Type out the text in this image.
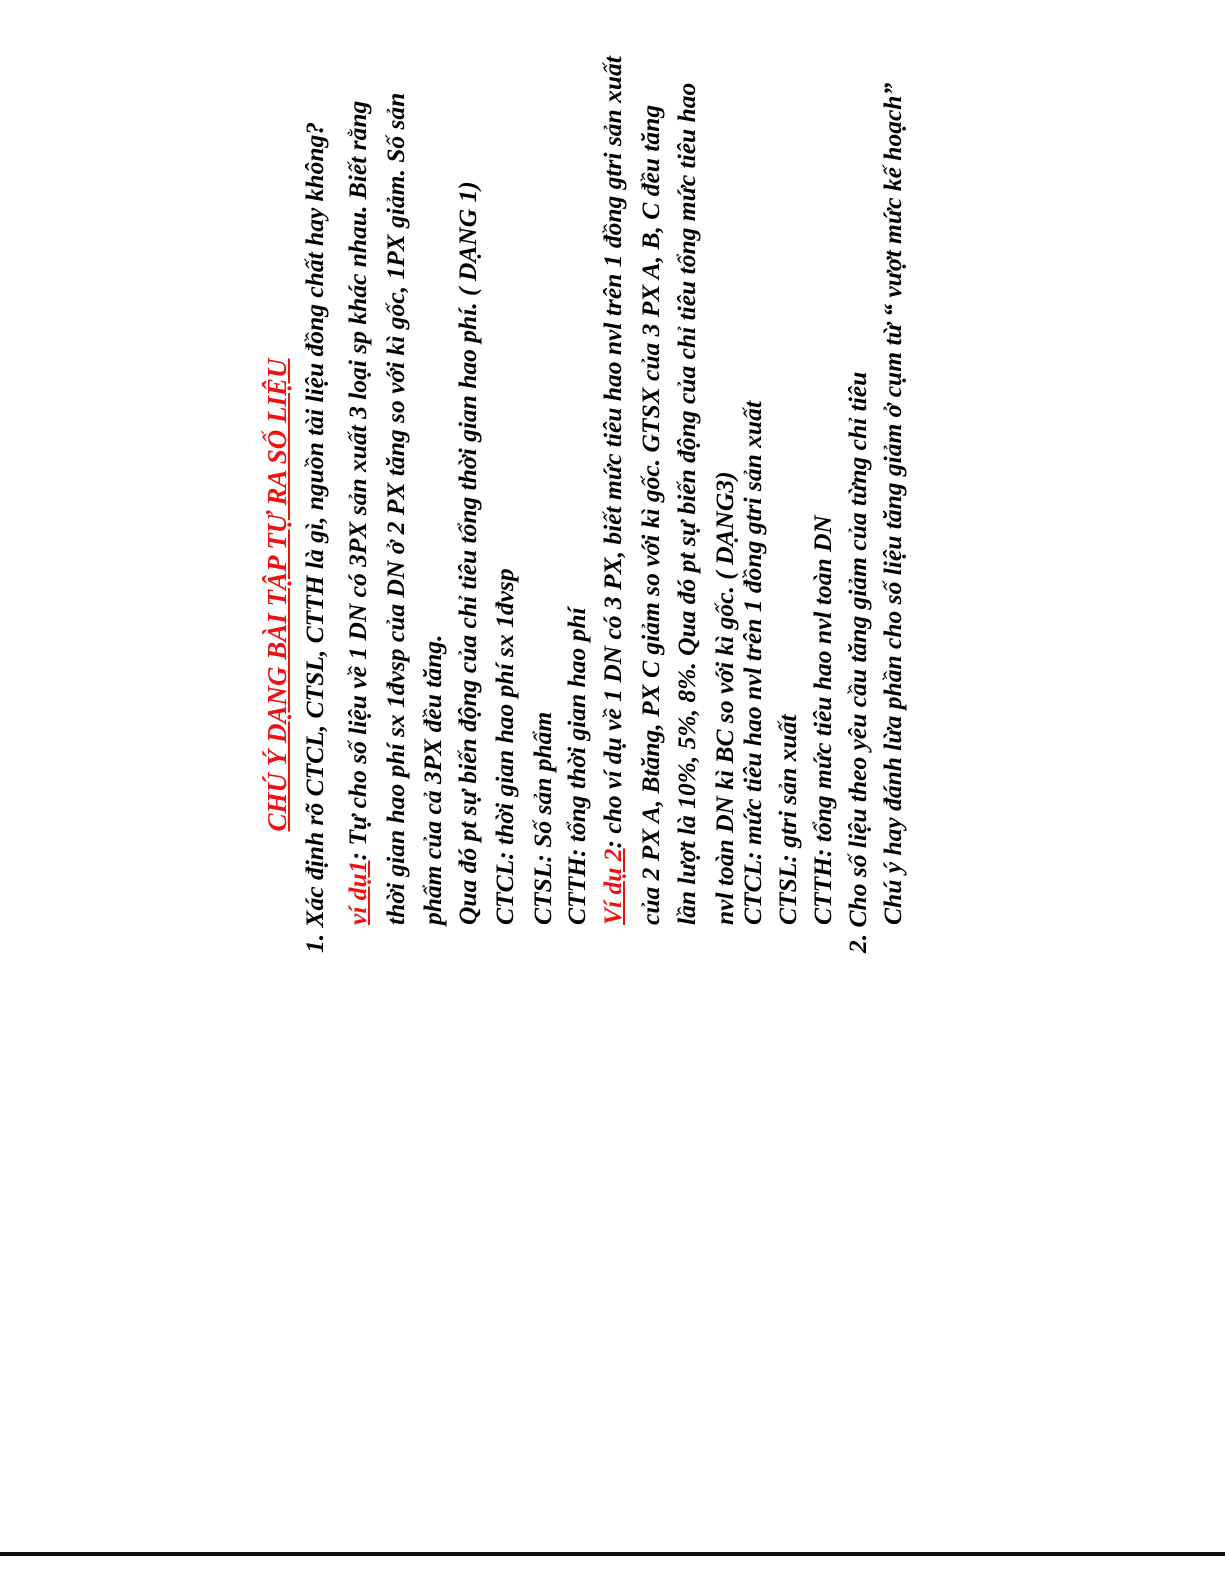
CHÚ Ý DẠNG BÀI TẬP TỰ RA SỐ LIỆU 1. Xác định rõ CTCL, CTSL, CTTH là gì, nguồn tài liệu đồng chất hay không? ví dụ1: Tự cho số liệu về 1 DN có 3PX sản xuất 3 loại sp khác nhau. Biết rằng thời gian hao phí sx 1đvsp của DN ở 2 PX tăng so với kì gốc, 1PX giảm. Số sản phẩm của cả 3PX đều tăng. Qua đó pt sự biến động của chỉ tiêu tổng thời gian hao phí. ( DẠNG 1) CTCL: thời gian hao phí sx 1đvsp CTSL: Số sản phẩm CTTH: tổng thời gian hao phí Ví dụ 2: cho ví dụ về 1 DN có 3 PX, biết mức tiêu hao nvl trên 1 đồng gtri sản xuất của 2 PX A, Btăng, PX C giảm so với kì gốc. GTSX của 3 PX A, B, C đều tăng lần lượt là 10%, 5%, 8%. Qua đó pt sự biến động của chỉ tiêu tổng mức tiêu hao nvl toàn DN kì BC so với kì gốc. ( DẠNG3) CTCL: mức tiêu hao nvl trên 1 đồng gtri sản xuất CTSL: gtri sản xuất CTTH: tổng mức tiêu hao nvl toàn DN 2. Cho số liệu theo yêu cầu tăng giảm của từng chỉ tiêu Chú ý hay đánh lừa phần cho số liệu tăng giảm ở cụm từ “ vượt mức kế hoạch”
